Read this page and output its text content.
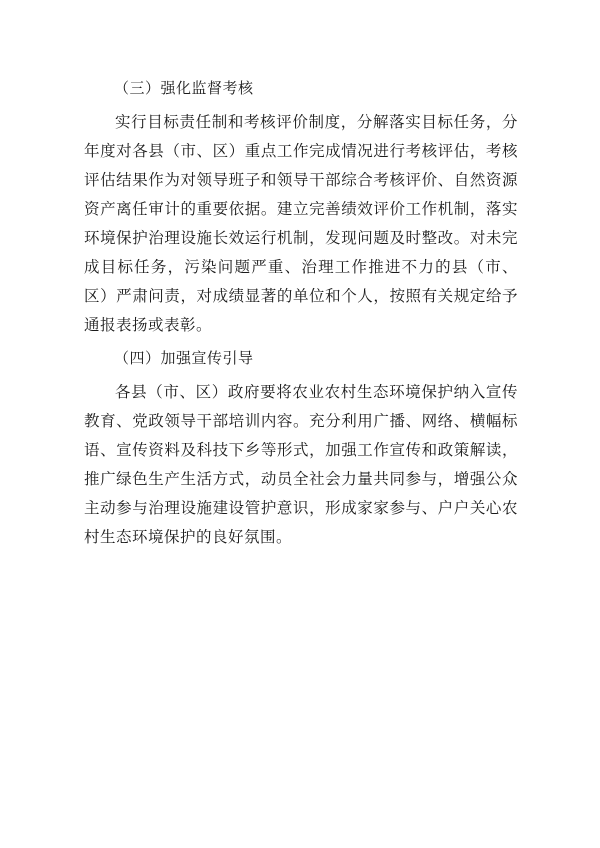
（三）强化监督考核

实行目标责任制和考核评价制度，分解落实目标任务，分年度对各县（市、区）重点工作完成情况进行考核评估，考核评估结果作为对领导班子和领导干部综合考核评价、自然资源资产离任审计的重要依据。建立完善绩效评价工作机制，落实环境保护治理设施长效运行机制，发现问题及时整改。对未完成目标任务，污染问题严重、治理工作推进不力的县（市、区）严肃问责，对成绩显著的单位和个人，按照有关规定给予通报表扬或表彰。

（四）加强宣传引导

各县（市、区）政府要将农业农村生态环境保护纳入宣传教育、党政领导干部培训内容。充分利用广播、网络、横幅标语、宣传资料及科技下乡等形式，加强工作宣传和政策解读，推广绿色生产生活方式，动员全社会力量共同参与，增强公众主动参与治理设施建设管护意识，形成家家参与、户户关心农村生态环境保护的良好氛围。
